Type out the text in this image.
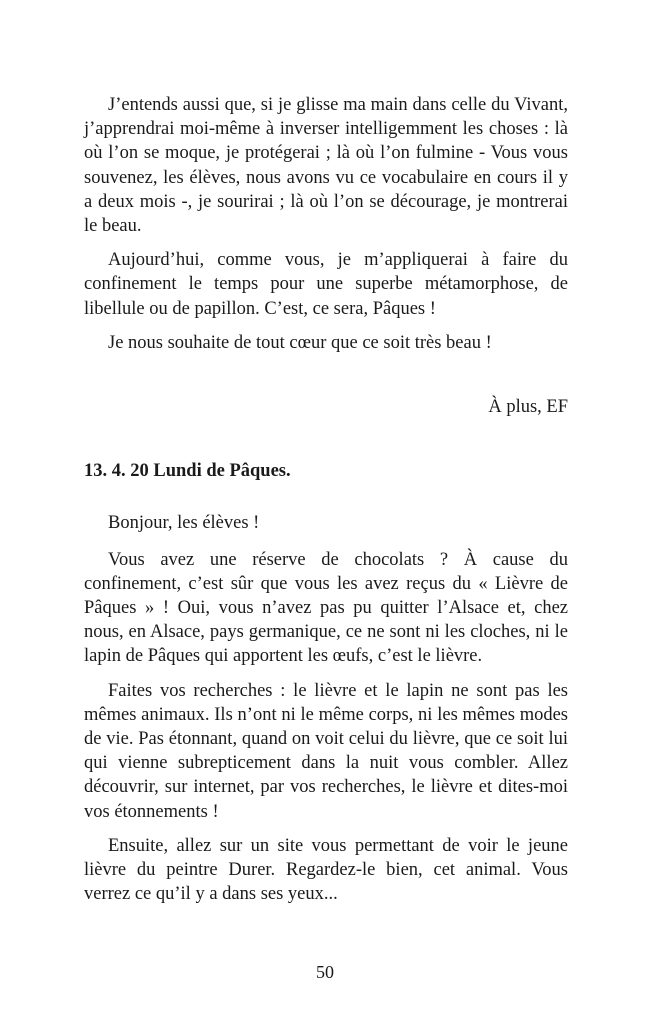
J’entends aussi que, si je glisse ma main dans celle du Vivant, j’apprendrai moi-même à inverser intelligemment les choses : là où l’on se moque, je protégerai ; là où l’on fulmine - Vous vous souvenez, les élèves, nous avons vu ce vocabulaire en cours il y a deux mois -, je sourirai ; là où l’on se décourage, je montrerai le beau.

Aujourd’hui, comme vous, je m’appliquerai à faire du confinement le temps pour une superbe métamorphose, de libellule ou de papillon. C’est, ce sera, Pâques !

Je nous souhaite de tout cœur que ce soit très beau !

À plus, EF

13. 4. 20 Lundi de Pâques.

Bonjour, les élèves !

Vous avez une réserve de chocolats ? À cause du confinement, c’est sûr que vous les avez reçus du « Lièvre de Pâques » ! Oui, vous n’avez pas pu quitter l’Alsace et, chez nous, en Alsace, pays germanique, ce ne sont ni les cloches, ni le lapin de Pâques qui apportent les œufs, c’est le lièvre.

Faites vos recherches : le lièvre et le lapin ne sont pas les mêmes animaux. Ils n’ont ni le même corps, ni les mêmes modes de vie. Pas étonnant, quand on voit celui du lièvre, que ce soit lui qui vienne subrepticement dans la nuit vous combler. Allez découvrir, sur internet, par vos recherches, le lièvre et dites-moi vos étonnements !

Ensuite, allez sur un site vous permettant de voir le jeune lièvre du peintre Durer. Regardez-le bien, cet animal. Vous verrez ce qu’il y a dans ses yeux...

50
